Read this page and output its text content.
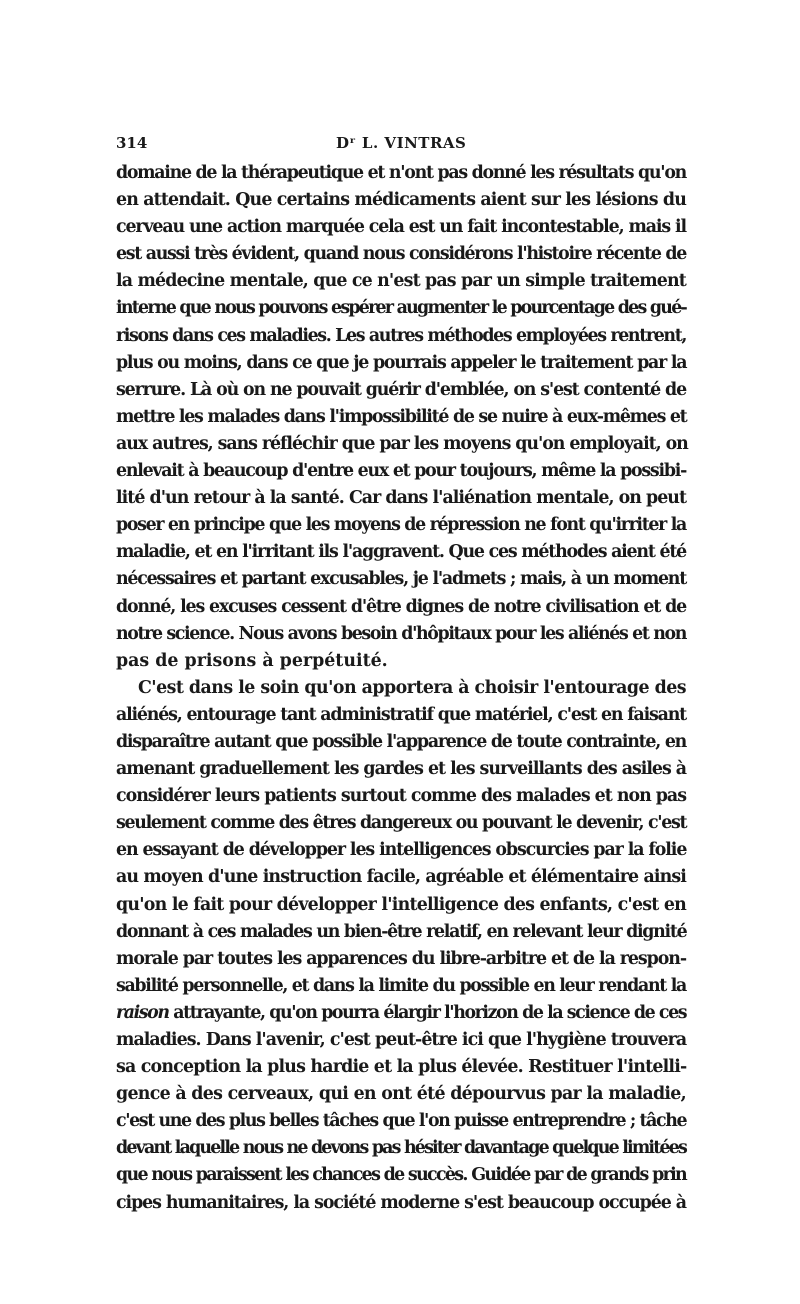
314	Dʳ L. VINTRAS
domaine de la thérapeutique et n'ont pas donné les résultats qu'on
en attendait. Que certains médicaments aient sur les lésions du
cerveau une action marquée cela est un fait incontestable, mais il
est aussi très évident, quand nous considérons l'histoire récente de
la médecine mentale, que ce n'est pas par un simple traitement
interne que nous pouvons espérer augmenter le pourcentage des gué-
risons dans ces maladies. Les autres méthodes employées rentrent,
plus ou moins, dans ce que je pourrais appeler le traitement par la
serrure. Là où on ne pouvait guérir d'emblée, on s'est contenté de
mettre les malades dans l'impossibilité de se nuire à eux-mêmes et
aux autres, sans réfléchir que par les moyens qu'on employait, on
enlevait à beaucoup d'entre eux et pour toujours, même la possibi-
lité d'un retour à la santé. Car dans l'aliénation mentale, on peut
poser en principe que les moyens de répression ne font qu'irriter la
maladie, et en l'irritant ils l'aggravent. Que ces méthodes aient été
nécessaires et partant excusables, je l'admets ; mais, à un moment
donné, les excuses cessent d'être dignes de notre civilisation et de
notre science. Nous avons besoin d'hôpitaux pour les aliénés et non
pas de prisons à perpétuité.
C'est dans le soin qu'on apportera à choisir l'entourage des
aliénés, entourage tant administratif que matériel, c'est en faisant
disparaître autant que possible l'apparence de toute contrainte, en
amenant graduellement les gardes et les surveillants des asiles à
considérer leurs patients surtout comme des malades et non pas
seulement comme des êtres dangereux ou pouvant le devenir, c'est
en essayant de développer les intelligences obscurcies par la folie
au moyen d'une instruction facile, agréable et élémentaire ainsi
qu'on le fait pour développer l'intelligence des enfants, c'est en
donnant à ces malades un bien-être relatif, en relevant leur dignité
morale par toutes les apparences du libre-arbitre et de la respon-
sabilité personnelle, et dans la limite du possible en leur rendant la
raison attrayante, qu'on pourra élargir l'horizon de la science de ces
maladies. Dans l'avenir, c'est peut-être ici que l'hygiène trouvera
sa conception la plus hardie et la plus élevée. Restituer l'intelli-
gence à des cerveaux, qui en ont été dépourvus par la maladie,
c'est une des plus belles tâches que l'on puisse entreprendre ; tâche
devant laquelle nous ne devons pas hésiter davantage quelque limitées
que nous paraissent les chances de succès. Guidée par de grands prin
cipes humanitaires, la société moderne s'est beaucoup occupée à
